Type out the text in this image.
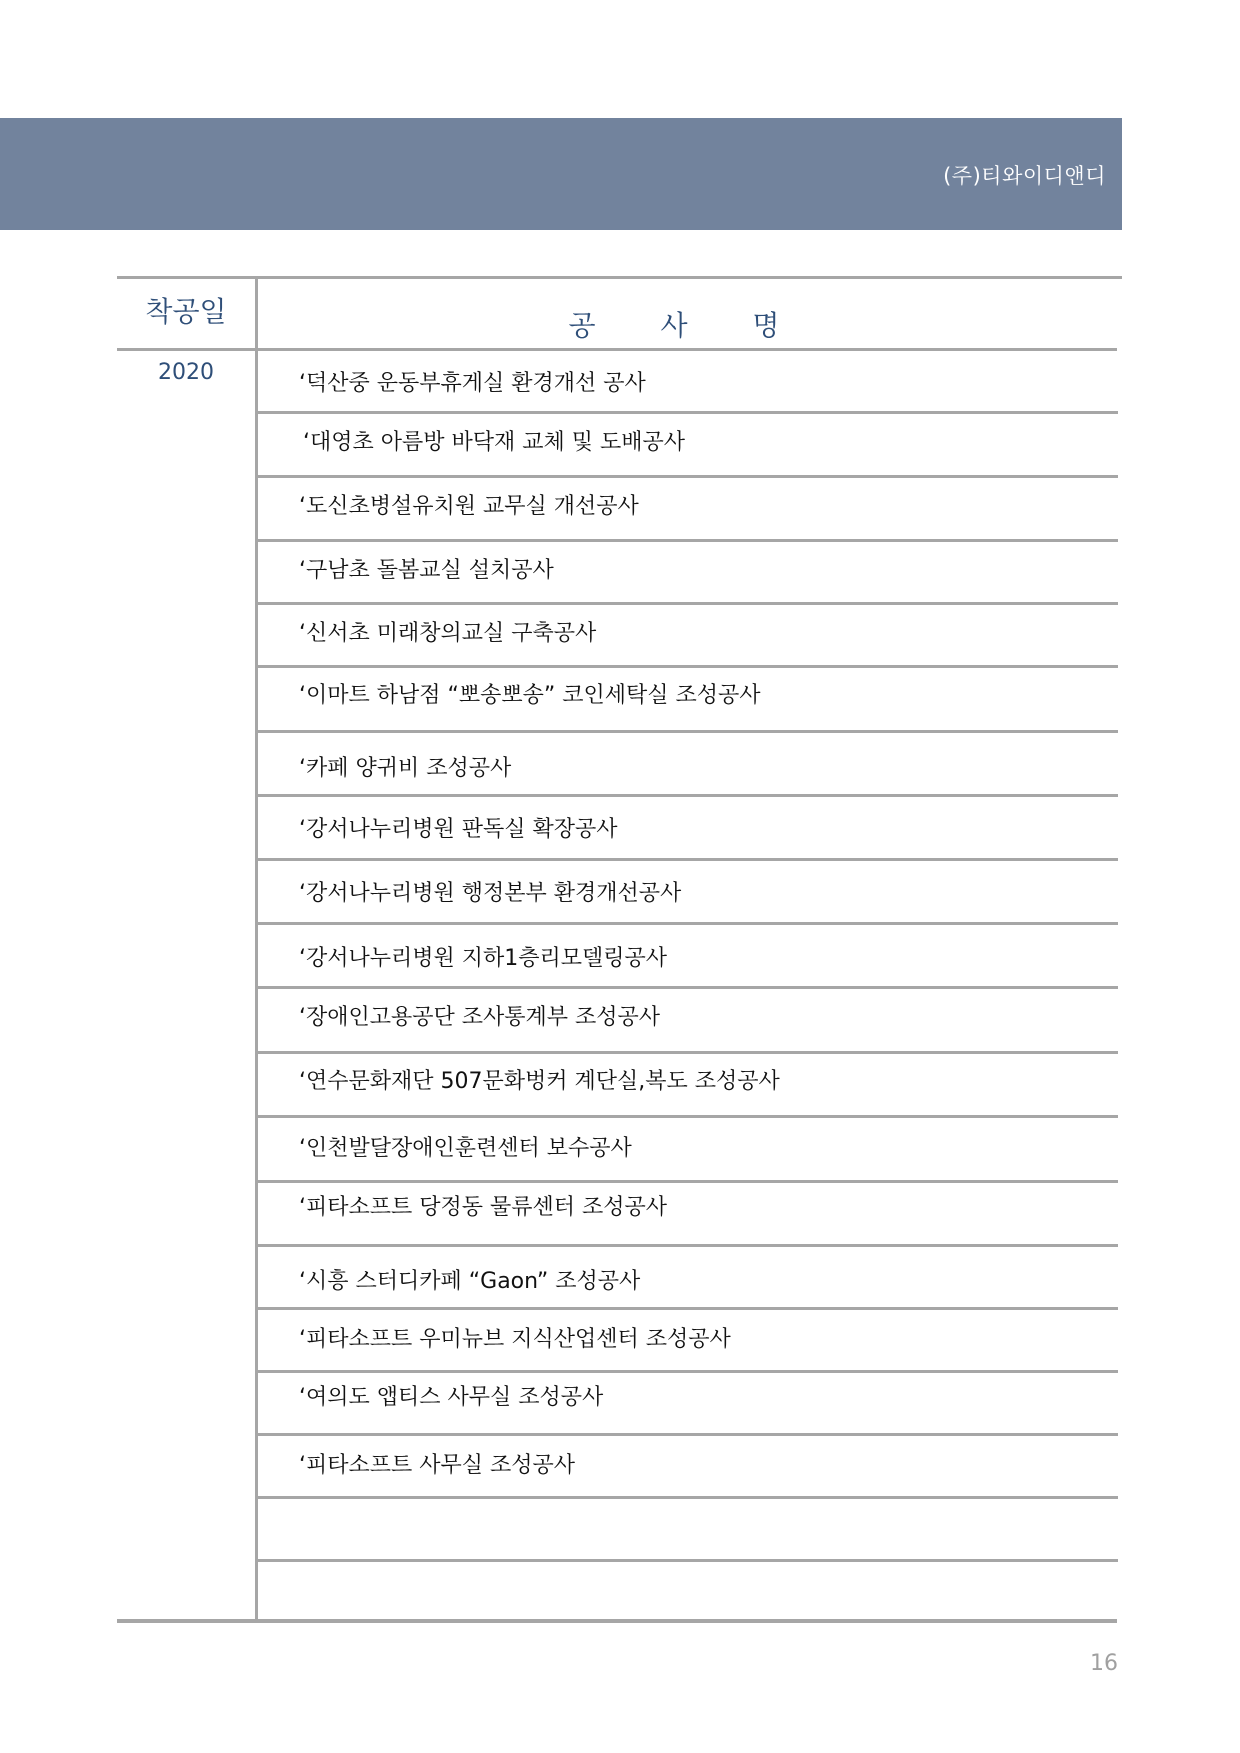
(주)티와이디앤디
착공일	공 사 명
2020	‘덕산중 운동부휴게실 환경개선 공사
‘대영초 아름방 바닥재 교체 및 도배공사
‘도신초병설유치원 교무실 개선공사
‘구남초 돌봄교실 설치공사
‘신서초 미래창의교실 구축공사
‘이마트 하남점 “뽀송뽀송” 코인세탁실 조성공사
‘카페 양귀비 조성공사
‘강서나누리병원 판독실 확장공사
‘강서나누리병원 행정본부 환경개선공사
‘강서나누리병원 지하1층리모델링공사
‘장애인고용공단 조사통계부 조성공사
‘연수문화재단 507문화벙커 계단실,복도 조성공사
‘인천발달장애인훈련센터 보수공사
‘피타소프트 당정동 물류센터 조성공사
‘시흥 스터디카페 “Gaon” 조성공사
‘피타소프트 우미뉴브 지식산업센터 조성공사
‘여의도 앱티스 사무실 조성공사
‘피타소프트 사무실 조성공사
16
